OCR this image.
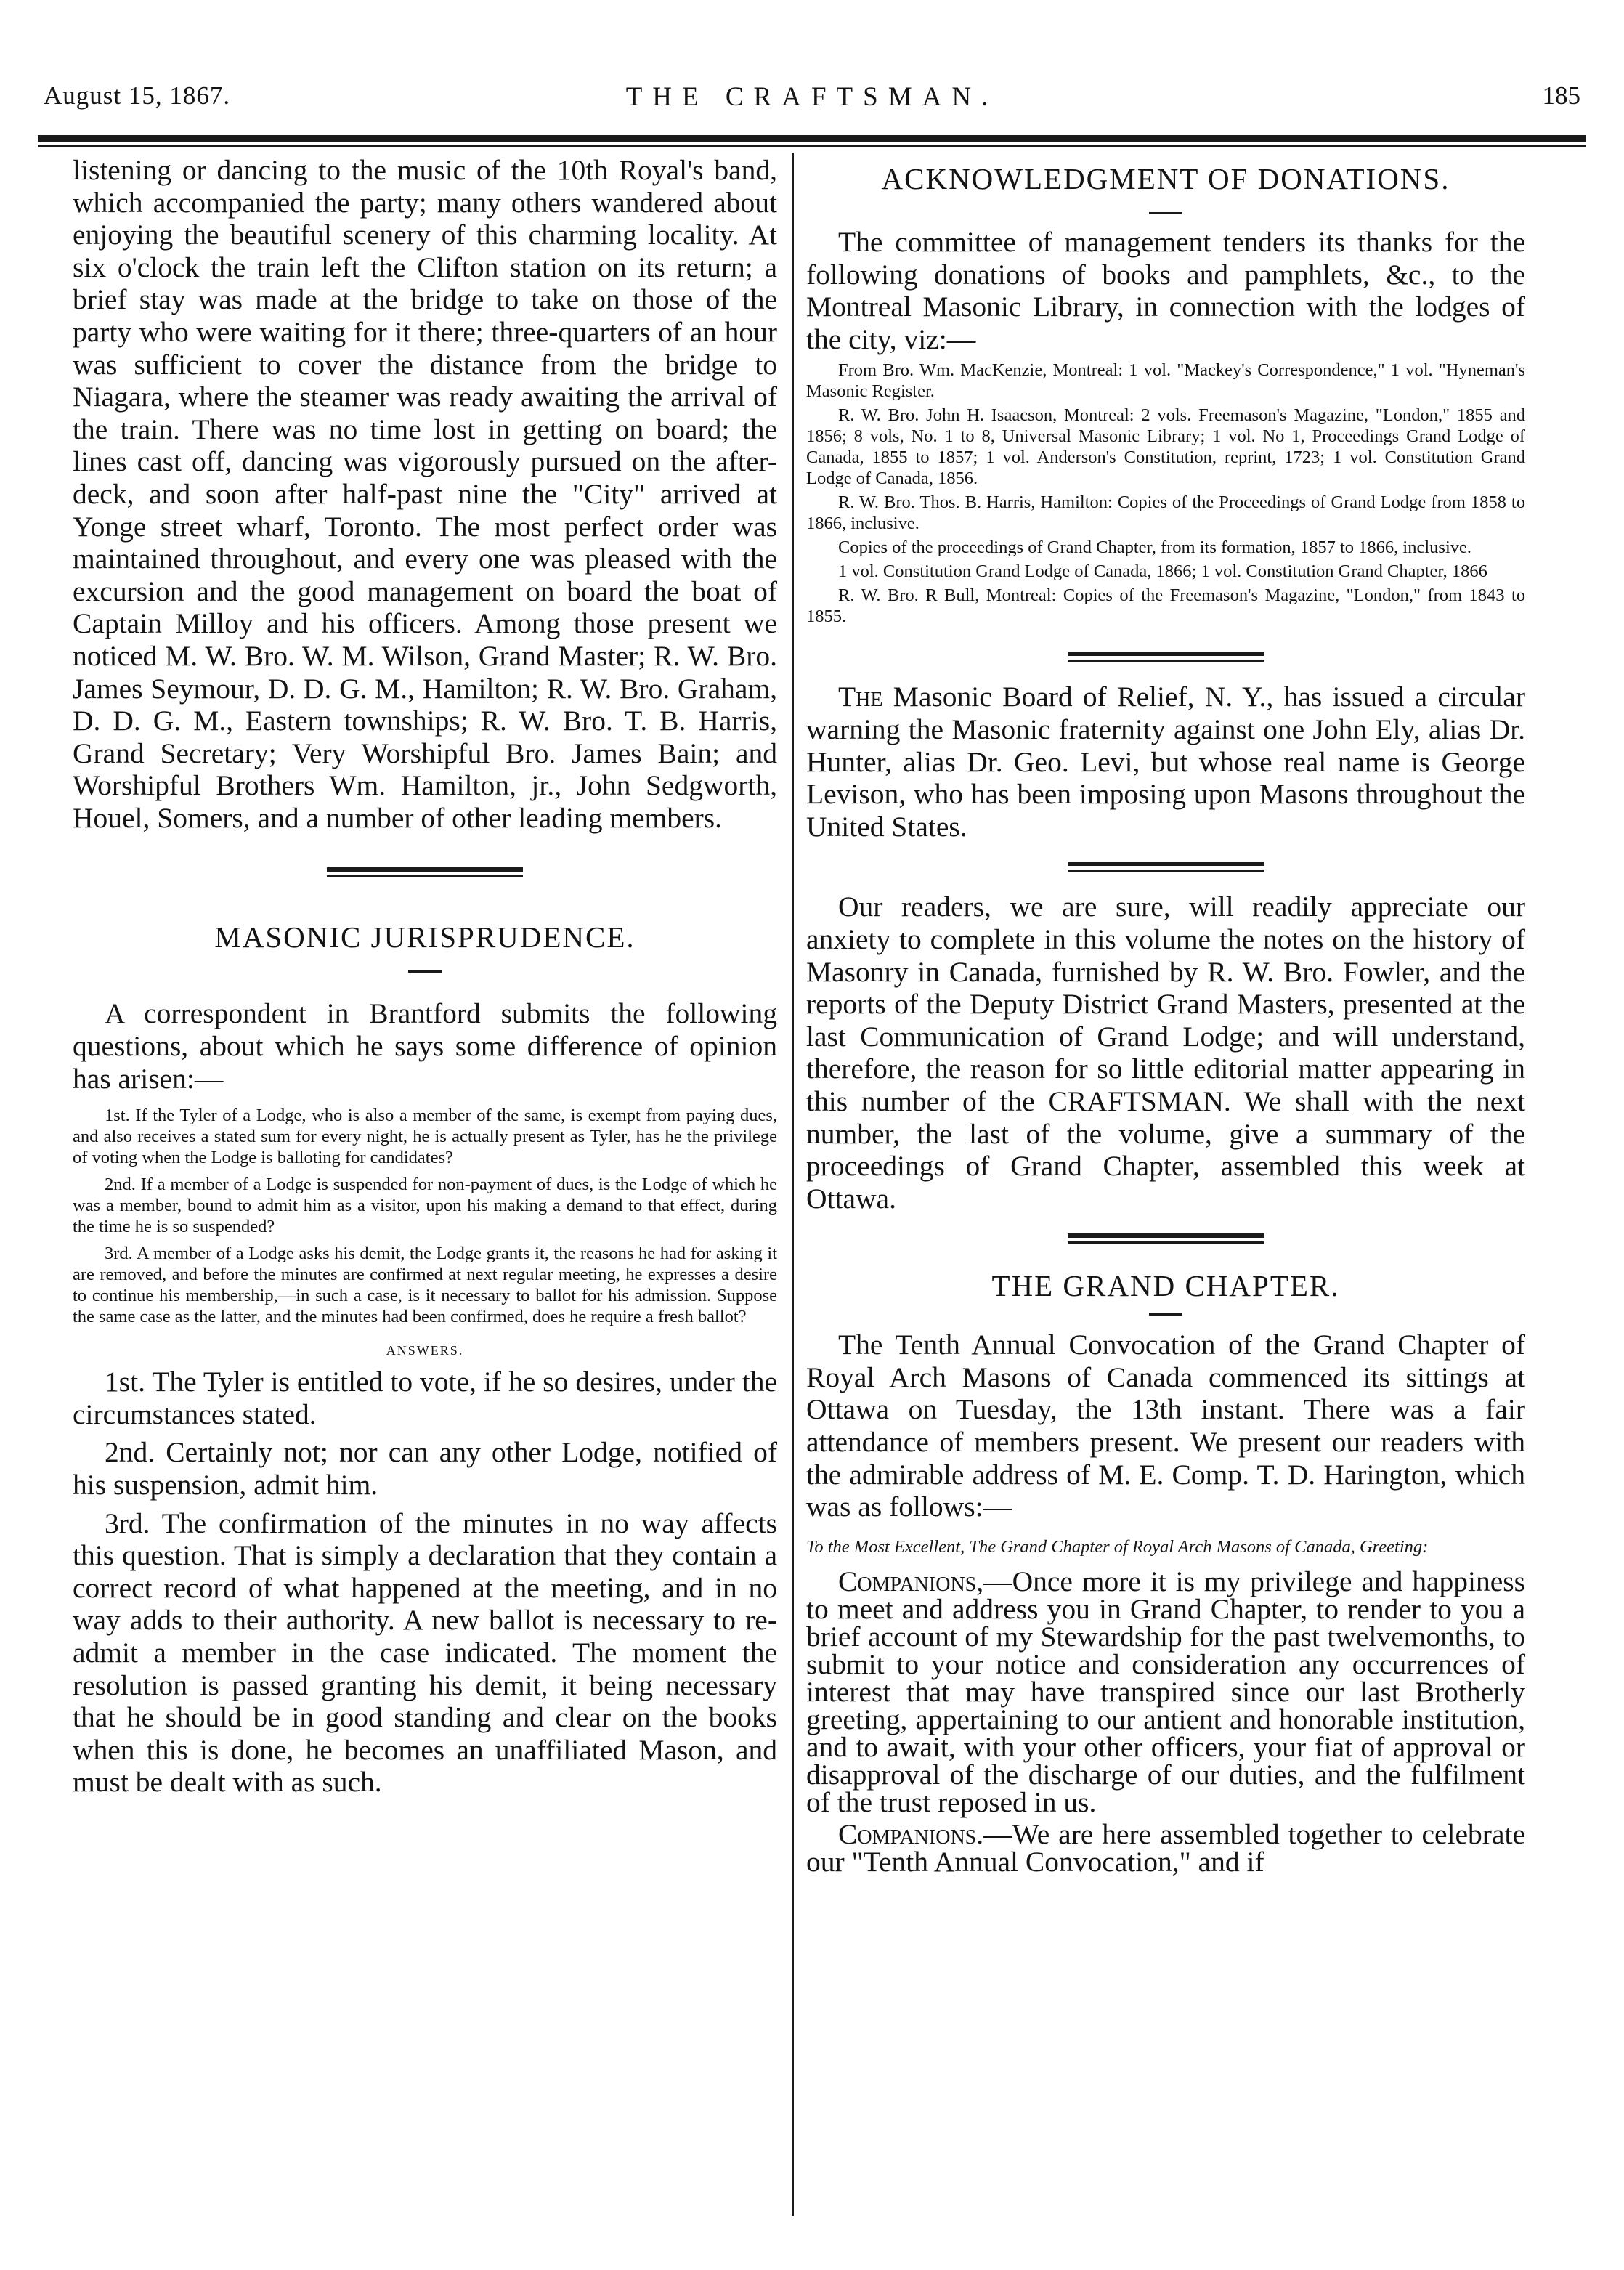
August 15, 1867.	THE CRAFTSMAN.	185

listening or dancing to the music of the 10th Royal's band, which accompanied the party; many others wandered about enjoying the beautiful scenery of this charming locality. At six o'clock the train left the Clifton station on its return; a brief stay was made at the bridge to take on those of the party who were waiting for it there; three-quarters of an hour was sufficient to cover the distance from the bridge to Niagara, where the steamer was ready awaiting the arrival of the train. There was no time lost in getting on board; the lines cast off, dancing was vigorously pursued on the after-deck, and soon after half-past nine the "City" arrived at Yonge street wharf, Toronto. The most perfect order was maintained throughout, and every one was pleased with the excursion and the good management on board the boat of Captain Milloy and his officers. Among those present we noticed M. W. Bro. W. M. Wilson, Grand Master; R. W. Bro. James Seymour, D. D. G. M., Hamilton; R. W. Bro. Graham, D. D. G. M., Eastern townships; R. W. Bro. T. B. Harris, Grand Secretary; Very Worshipful Bro. James Bain; and Worshipful Brothers Wm. Hamilton, jr., John Sedgworth, Houel, Somers, and a number of other leading members.

MASONIC JURISPRUDENCE.

A correspondent in Brantford submits the following questions, about which he says some difference of opinion has arisen:—

1st. If the Tyler of a Lodge, who is also a member of the same, is exempt from paying dues, and also receives a stated sum for every night, he is actually present as Tyler, has he the privilege of voting when the Lodge is balloting for candidates?

2nd. If a member of a Lodge is suspended for non-payment of dues, is the Lodge of which he was a member, bound to admit him as a visitor, upon his making a demand to that effect, during the time he is so suspended?

3rd. A member of a Lodge asks his demit, the Lodge grants it, the reasons he had for asking it are removed, and before the minutes are confirmed at next regular meeting, he expresses a desire to continue his membership,—in such a case, is it necessary to ballot for his admission. Suppose the same case as the latter, and the minutes had been confirmed, does he require a fresh ballot?

ANSWERS.

1st. The Tyler is entitled to vote, if he so desires, under the circumstances stated.

2nd. Certainly not; nor can any other Lodge, notified of his suspension, admit him.

3rd. The confirmation of the minutes in no way affects this question. That is simply a declaration that they contain a correct record of what happened at the meeting, and in no way adds to their authority. A new ballot is necessary to re-admit a member in the case indicated. The moment the resolution is passed granting his demit, it being necessary that he should be in good standing and clear on the books when this is done, he becomes an unaffiliated Mason, and must be dealt with as such.

ACKNOWLEDGMENT OF DONATIONS.

The committee of management tenders its thanks for the following donations of books and pamphlets, &c., to the Montreal Masonic Library, in connection with the lodges of the city, viz:—

From Bro. Wm. MacKenzie, Montreal: 1 vol. "Mackey's Correspondence," 1 vol. "Hyneman's Masonic Register.

R. W. Bro. John H. Isaacson, Montreal: 2 vols. Freemason's Magazine, "London," 1855 and 1856; 8 vols, No. 1 to 8, Universal Masonic Library; 1 vol. No 1, Proceedings Grand Lodge of Canada, 1855 to 1857; 1 vol. Anderson's Constitution, reprint, 1723; 1 vol. Constitution Grand Lodge of Canada, 1856.

R. W. Bro. Thos. B. Harris, Hamilton: Copies of the Proceedings of Grand Lodge from 1858 to 1866, inclusive.

Copies of the proceedings of Grand Chapter, from its formation, 1857 to 1866, inclusive.

1 vol. Constitution Grand Lodge of Canada, 1866; 1 vol. Constitution Grand Chapter, 1866

R. W. Bro. R Bull, Montreal: Copies of the Freemason's Magazine, "London," from 1843 to 1855.

The Masonic Board of Relief, N. Y., has issued a circular warning the Masonic fraternity against one John Ely, alias Dr. Hunter, alias Dr. Geo. Levi, but whose real name is George Levison, who has been imposing upon Masons throughout the United States.

Our readers, we are sure, will readily appreciate our anxiety to complete in this volume the notes on the history of Masonry in Canada, furnished by R. W. Bro. Fowler, and the reports of the Deputy District Grand Masters, presented at the last Communication of Grand Lodge; and will understand, therefore, the reason for so little editorial matter appearing in this number of the CRAFTSMAN. We shall with the next number, the last of the volume, give a summary of the proceedings of Grand Chapter, assembled this week at Ottawa.

THE GRAND CHAPTER.

The Tenth Annual Convocation of the Grand Chapter of Royal Arch Masons of Canada commenced its sittings at Ottawa on Tuesday, the 13th instant. There was a fair attendance of members present. We present our readers with the admirable address of M. E. Comp. T. D. Harington, which was as follows:—

To the Most Excellent, The Grand Chapter of Royal Arch Masons of Canada, Greeting:

Companions,—Once more it is my privilege and happiness to meet and address you in Grand Chapter, to render to you a brief account of my Stewardship for the past twelvemonths, to submit to your notice and consideration any occurrences of interest that may have transpired since our last Brotherly greeting, appertaining to our antient and honorable institution, and to await, with your other officers, your fiat of approval or disapproval of the discharge of our duties, and the fulfilment of the trust reposed in us.

Companions.—We are here assembled together to celebrate our "Tenth Annual Convocation," and if
